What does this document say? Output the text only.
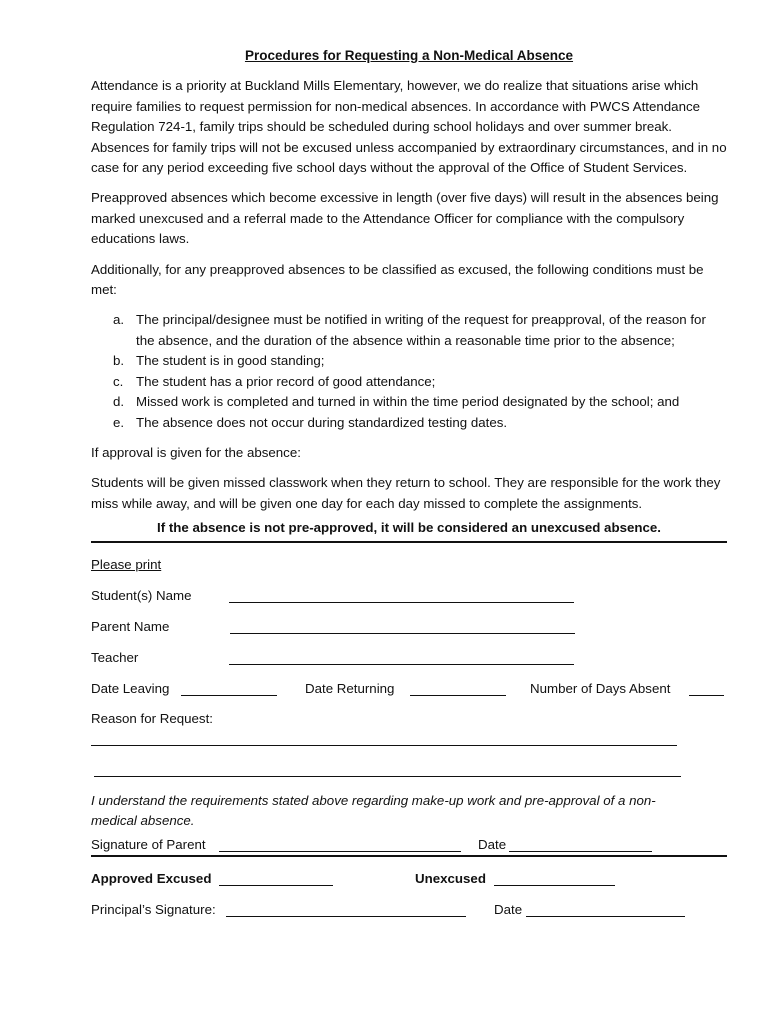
Procedures for Requesting a Non-Medical Absence

Attendance is a priority at Buckland Mills Elementary, however, we do realize that situations arise which require families to request permission for non-medical absences. In accordance with PWCS Attendance Regulation 724-1, family trips should be scheduled during school holidays and over summer break. Absences for family trips will not be excused unless accompanied by extraordinary circumstances, and in no case for any period exceeding five school days without the approval of the Office of Student Services.

Preapproved absences which become excessive in length (over five days) will result in the absences being marked unexcused and a referral made to the Attendance Officer for compliance with the compulsory educations laws.

Additionally, for any preapproved absences to be classified as excused, the following conditions must be met:

a. The principal/designee must be notified in writing of the request for preapproval, of the reason for the absence, and the duration of the absence within a reasonable time prior to the absence;
b. The student is in good standing;
c. The student has a prior record of good attendance;
d. Missed work is completed and turned in within the time period designated by the school; and
e. The absence does not occur during standardized testing dates.

If approval is given for the absence:

Students will be given missed classwork when they return to school. They are responsible for the work they miss while away, and will be given one day for each day missed to complete the assignments.

If the absence is not pre-approved, it will be considered an unexcused absence.
Please print
Student(s) Name
Parent Name
Teacher
Date Leaving	Date Returning	Number of Days Absent
Reason for Request:
I understand the requirements stated above regarding make-up work and pre-approval of a non-medical absence.
Signature of Parent	Date
Approved Excused	Unexcused
Principal’s Signature:	Date
